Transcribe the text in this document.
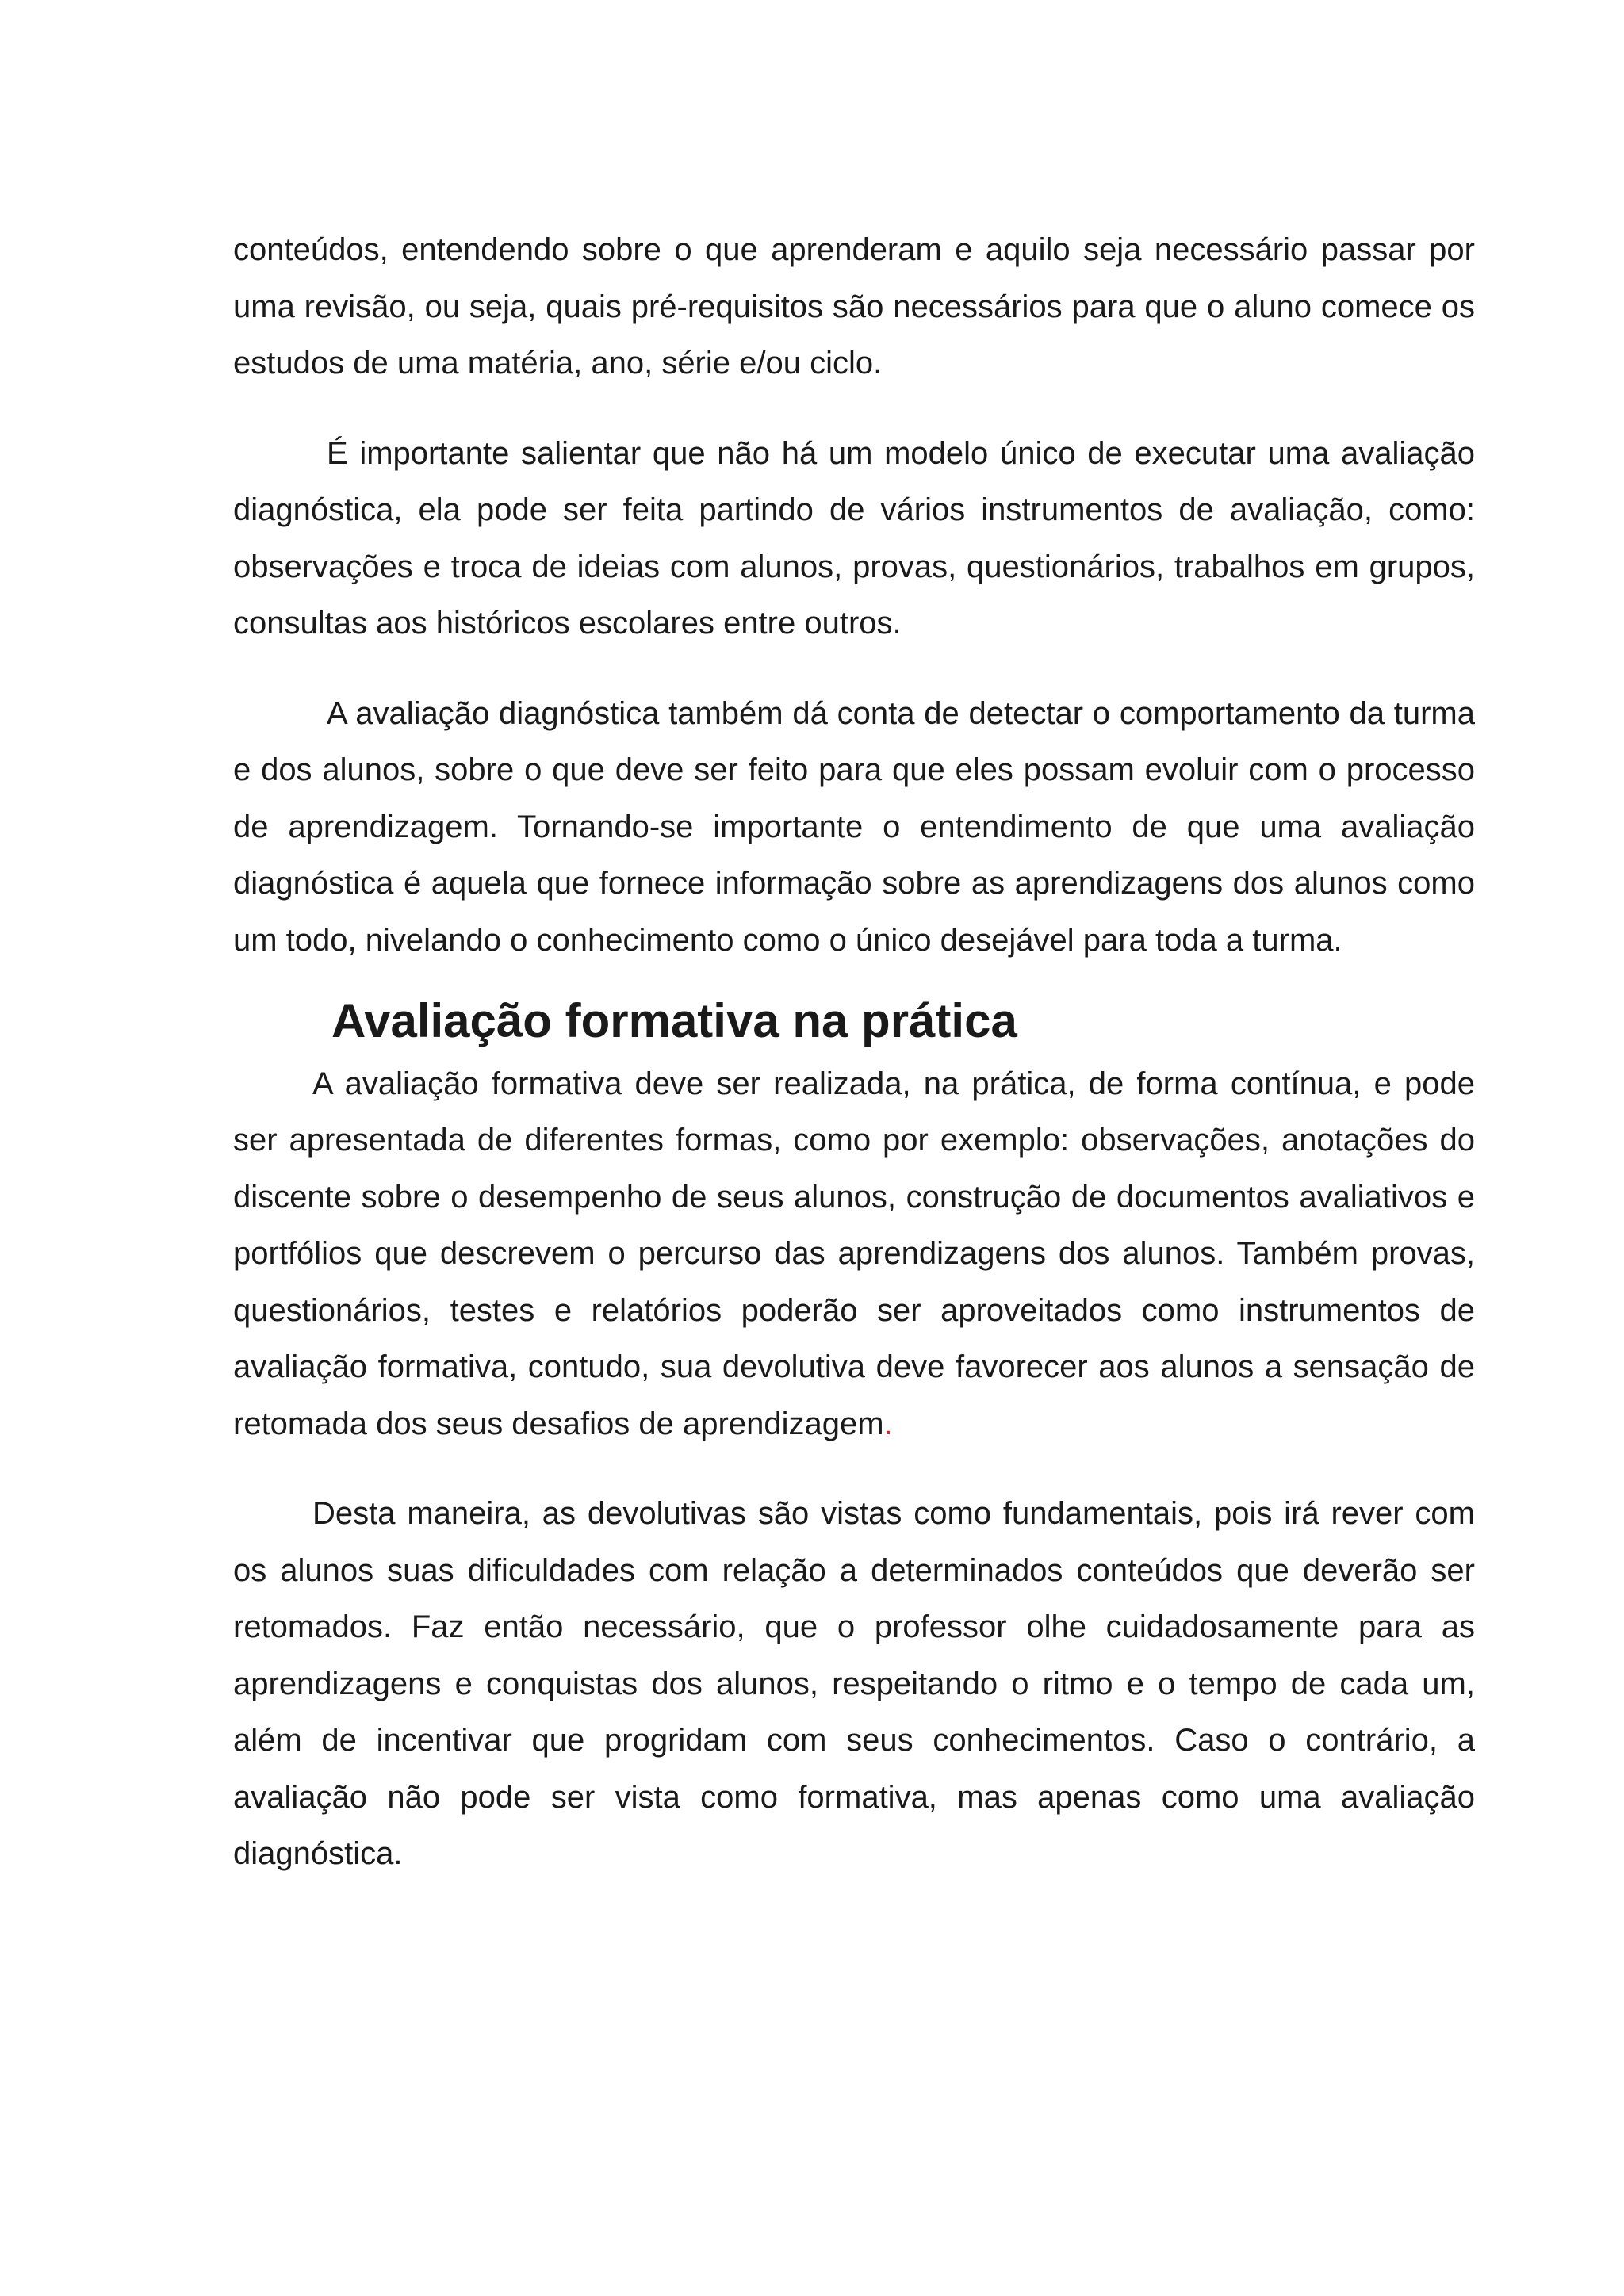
conteúdos, entendendo sobre o que aprenderam e aquilo seja necessário passar por uma revisão, ou seja, quais pré-requisitos são necessários para que o aluno comece os estudos de uma matéria, ano, série e/ou ciclo.

É importante salientar que não há um modelo único de executar uma avaliação diagnóstica, ela pode ser feita partindo de vários instrumentos de avaliação, como: observações e troca de ideias com alunos, provas, questionários, trabalhos em grupos, consultas aos históricos escolares entre outros.

A avaliação diagnóstica também dá conta de detectar o comportamento da turma e dos alunos, sobre o que deve ser feito para que eles possam evoluir com o processo de aprendizagem. Tornando-se importante o entendimento de que uma avaliação diagnóstica é aquela que fornece informação sobre as aprendizagens dos alunos como um todo, nivelando o conhecimento como o único desejável para toda a turma.

Avaliação formativa na prática

A avaliação formativa deve ser realizada, na prática, de forma contínua, e pode ser apresentada de diferentes formas, como por exemplo: observações, anotações do discente sobre o desempenho de seus alunos, construção de documentos avaliativos e portfólios que descrevem o percurso das aprendizagens dos alunos. Também provas, questionários, testes e relatórios poderão ser aproveitados como instrumentos de avaliação formativa, contudo, sua devolutiva deve favorecer aos alunos a sensação de retomada dos seus desafios de aprendizagem.

Desta maneira, as devolutivas são vistas como fundamentais, pois irá rever com os alunos suas dificuldades com relação a determinados conteúdos que deverão ser retomados. Faz então necessário, que o professor olhe cuidadosamente para as aprendizagens e conquistas dos alunos, respeitando o ritmo e o tempo de cada um, além de incentivar que progridam com seus conhecimentos. Caso o contrário, a avaliação não pode ser vista como formativa, mas apenas como uma avaliação diagnóstica.
